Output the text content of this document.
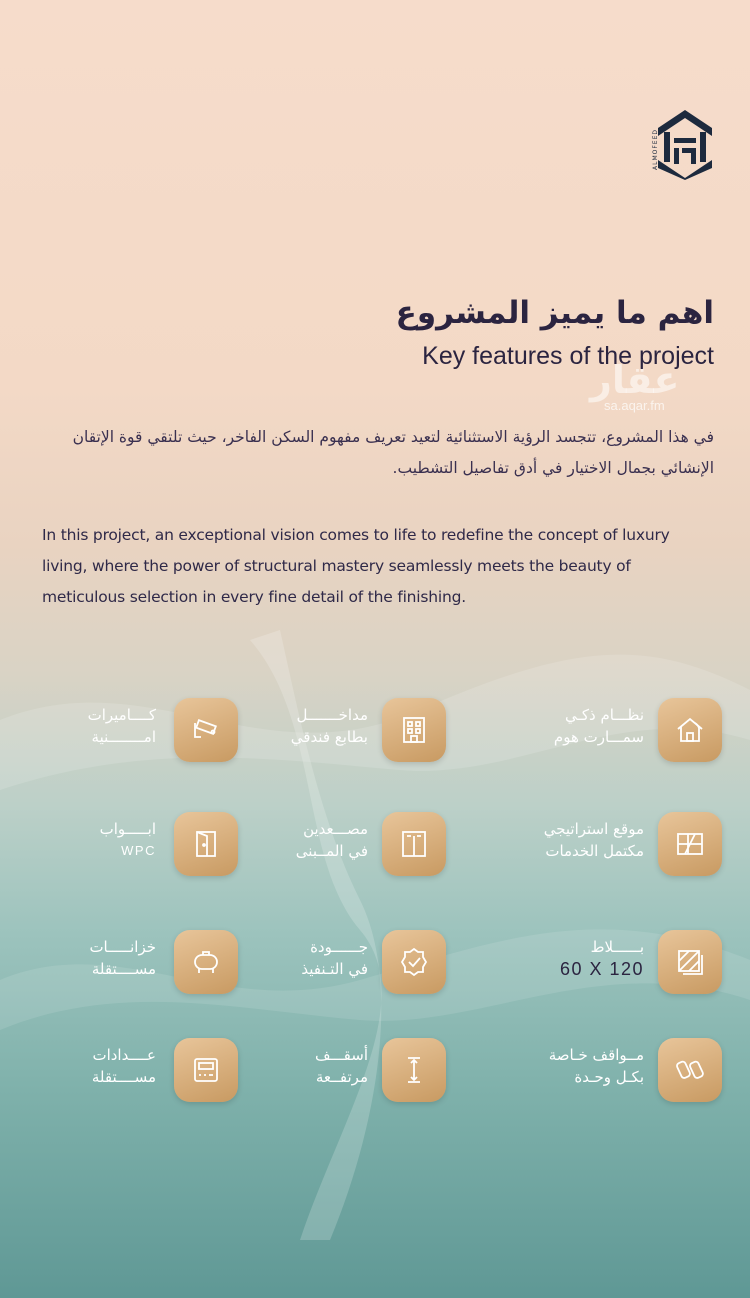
ALMOFEED
اهم ما يميز المشروع
Key features of the project
عقار
sa.aqar.fm
في هذا المشروع، تتجسد الرؤية الاستثنائية لتعيد تعريف مفهوم السكن الفاخر، حيث تلتقي قوة الإتقان الإنشائي بجمال الاختيار في أدق تفاصيل التشطيب.
In this project, an exceptional vision comes to life to redefine the concept of luxury living, where the power of structural mastery seamlessly meets the beauty of meticulous selection in every fine detail of the finishing.
نظـــام ذكـي
سمـــارت هوم
مداخـــــــل
بطابع فندقي
كــــاميرات
امــــــــنية
موقع استراتيجي
مكتمل الخدمات
مصـــعدين
في المــبنى
ابـــــواب
WPC
بــــــلاط
60 X 120
جــــــودة
في التـنفيذ
خزانـــــات
مســــتقلة
مــواقف خـاصة
بكـل وحـدة
أسقـــف
مرتفــعة
عــــدادات
مســــتقلة
